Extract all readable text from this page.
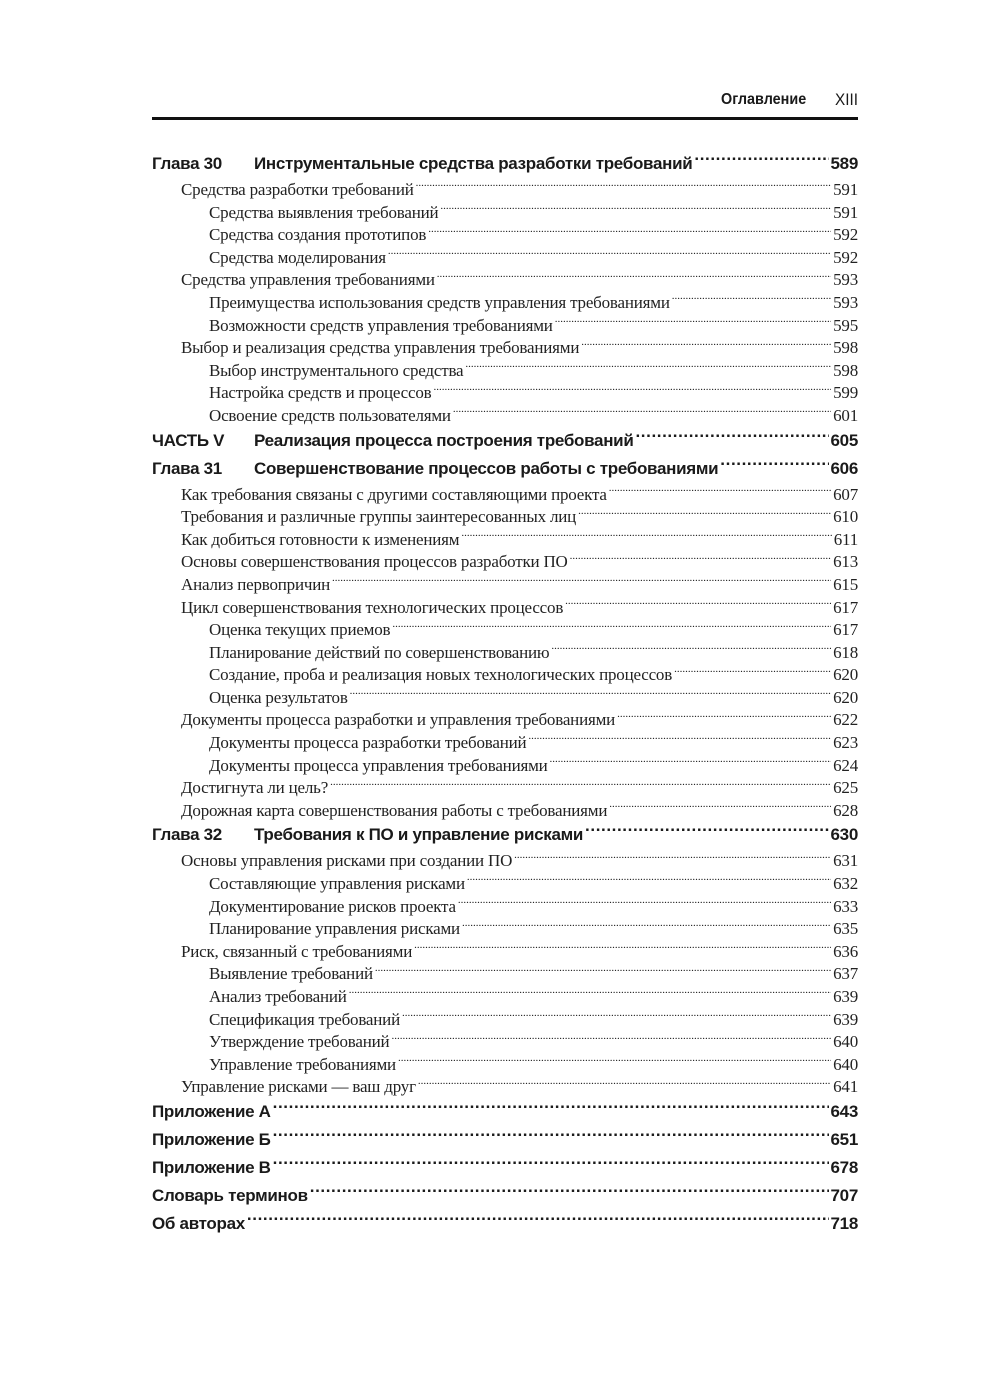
Оглавление XIII
Глава 30 Инструментальные средства разработки требований .....	589
Средства разработки требований .....	591
Средства выявления требований .....	591
Средства создания прототипов .....	592
Средства моделирования .....	592
Средства управления требованиями .....	593
Преимущества использования средств управления требованиями .....	593
Возможности средств управления требованиями .....	595
Выбор и реализация средства управления требованиями .....	598
Выбор инструментального средства .....	598
Настройка средств и процессов .....	599
Освоение средств пользователями .....	601
ЧАСТЬ V Реализация процесса построения требований .....	605
Глава 31 Совершенствование процессов работы с требованиями .....	606
Как требования связаны с другими составляющими проекта .....	607
Требования и различные группы заинтересованных лиц .....	610
Как добиться готовности к изменениям .....	611
Основы совершенствования процессов разработки ПО .....	613
Анализ первопричин .....	615
Цикл совершенствования технологических процессов .....	617
Оценка текущих приемов .....	617
Планирование действий по совершенствованию .....	618
Создание, проба и реализация новых технологических процессов .....	620
Оценка результатов .....	620
Документы процесса разработки и управления требованиями .....	622
Документы процесса разработки требований .....	623
Документы процесса управления требованиями .....	624
Достигнута ли цель? .....	625
Дорожная карта совершенствования работы с требованиями .....	628
Глава 32 Требования к ПО и управление рисками .....	630
Основы управления рисками при создании ПО .....	631
Составляющие управления рисками .....	632
Документирование рисков проекта .....	633
Планирование управления рисками .....	635
Риск, связанный с требованиями .....	636
Выявление требований .....	637
Анализ требований .....	639
Спецификация требований .....	639
Утверждение требований .....	640
Управление требованиями .....	640
Управление рисками — ваш друг .....	641
Приложение А .....	643
Приложение Б .....	651
Приложение В .....	678
Словарь терминов .....	707
Об авторах .....	718
